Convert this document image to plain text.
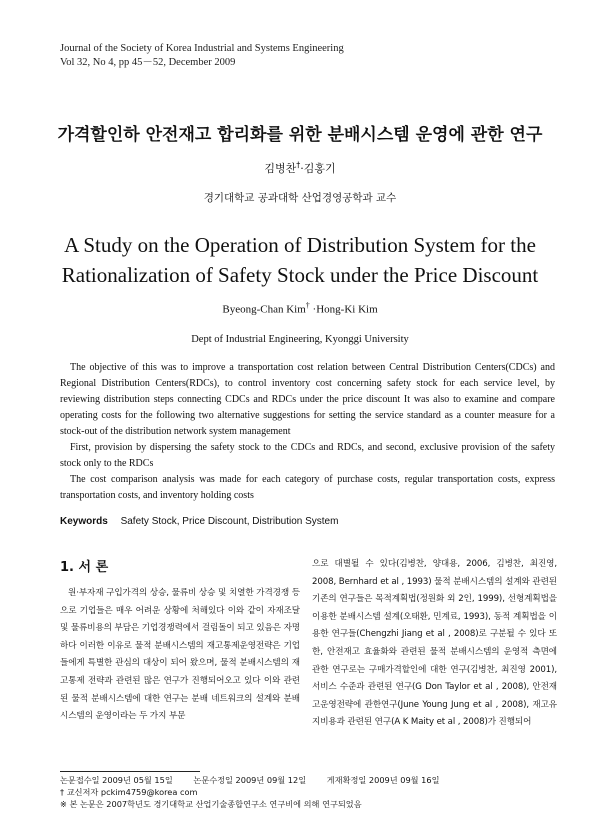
Journal of the Society of Korea Industrial and Systems Engineering
Vol 32, No 4, pp 45－52, December 2009
가격할인하 안전재고 합리화를 위한 분배시스템 운영에 관한 연구
김병찬†·김홍기
경기대학교 공과대학 산업경영공학과 교수
A Study on the Operation of Distribution System for the
Rationalization of Safety Stock under the Price Discount
Byeong-Chan Kim† ·Hong-Ki Kim
Dept of Industrial Engineering, Kyonggi University

The objective of this was to improve a transportation cost relation between Central Distribution Centers(CDCs) and Regional Distribution Centers(RDCs), to control inventory cost concerning safety stock for each service level, by reviewing distribution steps connecting CDCs and RDCs under the price discount It was also to examine and compare operating costs for the following two alternative suggestions for setting the service standard as a counter measure for a stock-out of the distribution network system management

First, provision by dispersing the safety stock to the CDCs and RDCs, and second, exclusive provision of the safety stock only to the RDCs

The cost comparison analysis was made for each category of purchase costs, regular transportation costs, express transportation costs, and inventory holding costs

Keywords Safety Stock, Price Discount, Distribution System
1. 서 론

원·부자재 구입가격의 상승, 물류비 상승 및 치열한 가격경쟁 등으로 기업들은 매우 어려운 상황에 처해있다 이와 같이 자재조달 및 물류비용의 부담은 기업경쟁력에서 걸림돌이 되고 있음은 자명하다 이러한 이유로 물적 분배시스템의 재고통제운영전략은 기업들에게 특별한 관심의 대상이 되어 왔으며, 물적 분배시스템의 재고통제 전략과 관련된 많은 연구가 진행되어오고 있다 이와 관련된 물적 분배시스템에 대한 연구는 분배 네트워크의 설계와 분배시스템의 운영이라는 두 가지 부문

으로 대별될 수 있다(김병찬, 양대용, 2006, 김병찬, 최진영, 2008, Bernhard et al , 1993) 물적 분배시스템의 설계와 관련된 기존의 연구들은 목적계획법(정원화 외 2인, 1999), 선형계획법을 이용한 분배시스템 설계(오태환, 민계료, 1993), 동적 계획법을 이용한 연구들(Chengzhi Jiang et al , 2008)로 구분될 수 있다 또한, 안전재고 효율화와 관련된 물적 분배시스템의 운영적 측면에 관한 연구로는 구매가격할인에 대한 연구(김병찬, 최진영 2001), 서비스 수준과 관련된 연구(G Don Taylor et al , 2008), 안전재고운영전략에 관한연구(June Young Jung et al , 2008), 재고유지비용과 관련된 연구(A K Maity et al , 2008)가 진행되어

논문접수일 2009년 05월 15일	논문수정일 2009년 09월 12일	게재확정일 2009년 09월 16일
† 교신저자 pckim4759@korea com
※ 본 논문은 2007학년도 경기대학교 산업기술종합연구소 연구비에 의해 연구되었음
